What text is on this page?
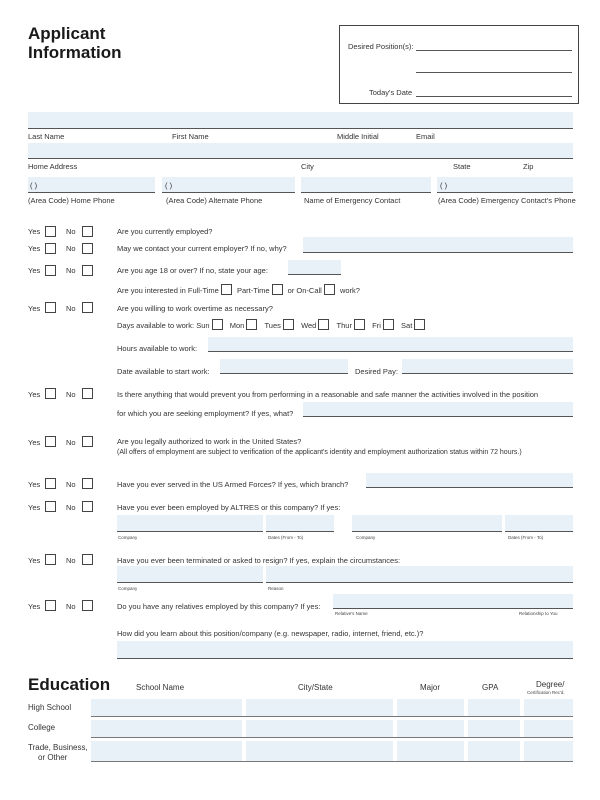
Applicant
Information	Desired Position(s):
Today's Date
Last Name	First Name	Middle Initial	Email
Home Address	City	State	Zip
( )	( )	( )
(Area Code) Home Phone	(Area Code) Alternate Phone	Name of Emergency Contact	(Area Code) Emergency Contact's Phone
Yes	No	Are you currently employed?
Yes	No	May we contact your current employer? If no, why?
Yes	No	Are you age 18 or over? If no, state your age:
Are you interested in Full-Time Part-Time or On-Call work?
Yes	No	Are you willing to work overtime as necessary?
Days available to work: Sun	Mon	Tues	Wed	Thur	Fri	Sat
Hours available to work:
Date available to start work:	Desired Pay:
Yes	No	Is there anything that would prevent you from performing in a reasonable and safe manner the activities involved in the position
for which you are seeking employment? If yes, what?
Yes	No	Are you legally authorized to work in the United States?
(All offers of employment are subject to verification of the applicant's identity and employment authorization status within 72 hours.)
Yes	No	Have you ever served in the US Armed Forces? If yes, which branch?
Yes	No	Have you ever been employed by ALTRES or this company? If yes:
Company	Dates (From - To)	Company	Dates (From - To)
Yes	No	Have you ever been terminated or asked to resign? If yes, explain the circumstances:
Company	Reason
Yes	No	Do you have any relatives employed by this company? If yes:
Relative's Name	Relationship to You
How did you learn about this position/company (e.g. newspaper, radio, internet, friend, etc.)?
Education	School Name	City/State	Major	GPA	Degree/
Certification Rec'd.
High School
College
Trade, Business,
or Other
